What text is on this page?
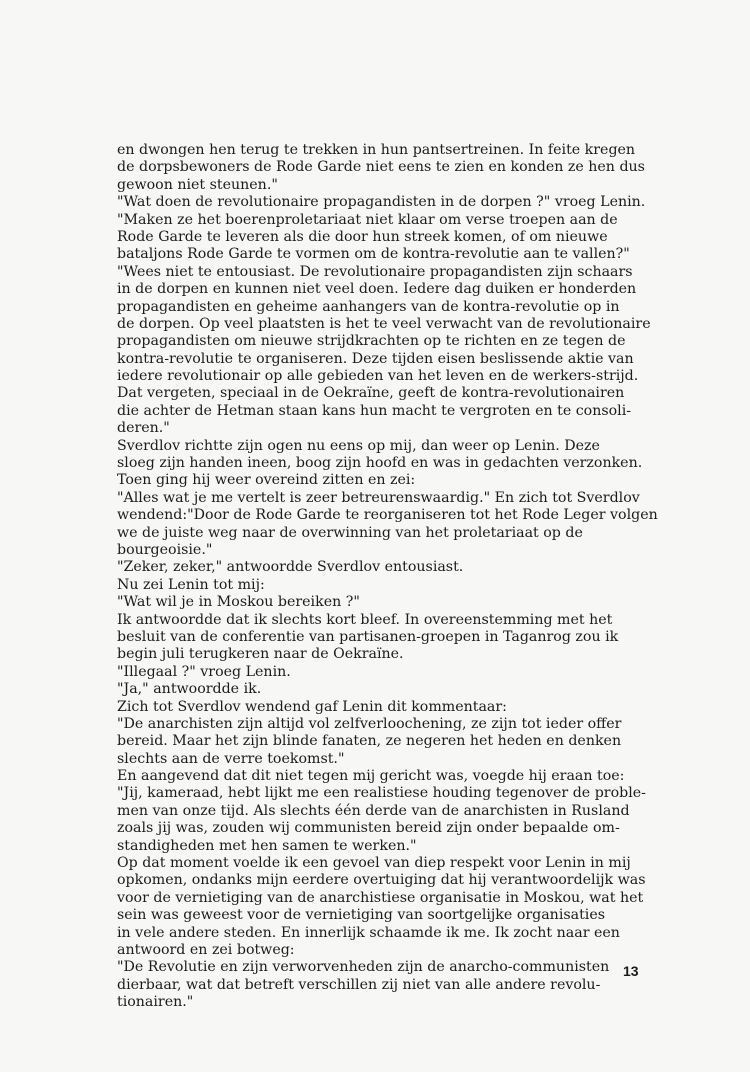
en dwongen hen terug te trekken in hun pantsertreinen. In feite kregen
de dorpsbewoners de Rode Garde niet eens te zien en konden ze hen dus
gewoon niet steunen."
"Wat doen de revolutionaire propagandisten in de dorpen ?" vroeg Lenin.
"Maken ze het boerenproletariaat niet klaar om verse troepen aan de
Rode Garde te leveren als die door hun streek komen, of om nieuwe
bataljons Rode Garde te vormen om de kontra-revolutie aan te vallen?"
"Wees niet te entousiast. De revolutionaire propagandisten zijn schaars
in de dorpen en kunnen niet veel doen. Iedere dag duiken er honderden
propagandisten en geheime aanhangers van de kontra-revolutie op in
de dorpen. Op veel plaatsten is het te veel verwacht van de revolutionaire
propagandisten om nieuwe strijdkrachten op te richten en ze tegen de
kontra-revolutie te organiseren. Deze tijden eisen beslissende aktie van
iedere revolutionair op alle gebieden van het leven en de werkers-strijd.
Dat vergeten, speciaal in de Oekraïne, geeft de kontra-revolutionairen
die achter de Hetman staan kans hun macht te vergroten en te consoli-
deren."
Sverdlov richtte zijn ogen nu eens op mij, dan weer op Lenin. Deze
sloeg zijn handen ineen, boog zijn hoofd en was in gedachten verzonken.
Toen ging hij weer overeind zitten en zei:
"Alles wat je me vertelt is zeer betreurenswaardig." En zich tot Sverdlov
wendend:"Door de Rode Garde te reorganiseren tot het Rode Leger volgen
we de juiste weg naar de overwinning van het proletariaat op de
bourgeoisie."
"Zeker, zeker," antwoordde Sverdlov entousiast.
Nu zei Lenin tot mij:
"Wat wil je in Moskou bereiken ?"
Ik antwoordde dat ik slechts kort bleef. In overeenstemming met het
besluit van de conferentie van partisanen-groepen in Taganrog zou ik
begin juli terugkeren naar de Oekraïne.
"Illegaal ?" vroeg Lenin.
"Ja," antwoordde ik.
Zich tot Sverdlov wendend gaf Lenin dit kommentaar:
"De anarchisten zijn altijd vol zelfverloochening, ze zijn tot ieder offer
bereid. Maar het zijn blinde fanaten, ze negeren het heden en denken
slechts aan de verre toekomst."
En aangevend dat dit niet tegen mij gericht was, voegde hij eraan toe:
"Jij, kameraad, hebt lijkt me een realistiese houding tegenover de proble-
men van onze tijd. Als slechts één derde van de anarchisten in Rusland
zoals jij was, zouden wij communisten bereid zijn onder bepaalde om-
standigheden met hen samen te werken."
Op dat moment voelde ik een gevoel van diep respekt voor Lenin in mij
opkomen, ondanks mijn eerdere overtuiging dat hij verantwoordelijk was
voor de vernietiging van de anarchistiese organisatie in Moskou, wat het
sein was geweest voor de vernietiging van soortgelijke organisaties
in vele andere steden. En innerlijk schaamde ik me. Ik zocht naar een
antwoord en zei botweg:
"De Revolutie en zijn verworvenheden zijn de anarcho-communisten
dierbaar, wat dat betreft verschillen zij niet van alle andere revolu-
tionairen."
13
